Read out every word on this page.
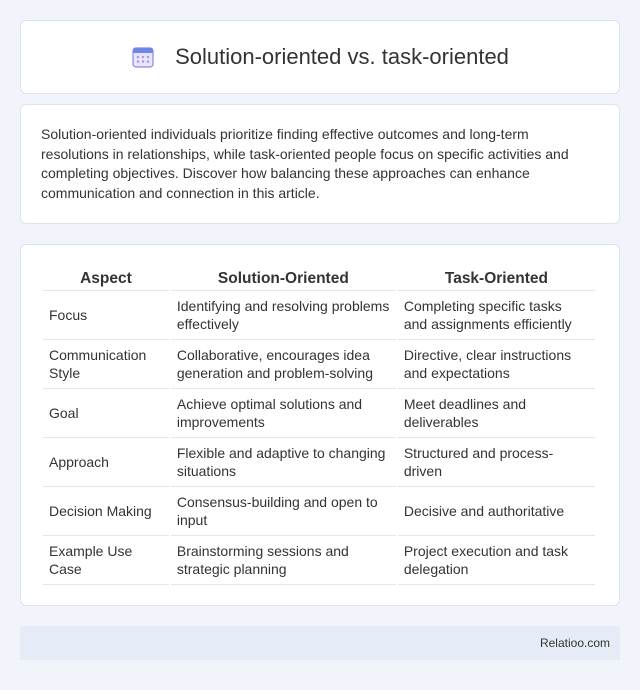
Solution-oriented vs. task-oriented

Solution-oriented individuals prioritize finding effective outcomes and long-term resolutions in relationships, while task-oriented people focus on specific activities and completing objectives. Discover how balancing these approaches can enhance communication and connection in this article.

Aspect	Solution-Oriented	Task-Oriented
Focus	Identifying and resolving problems effectively	Completing specific tasks and assignments efficiently
Communication Style	Collaborative, encourages idea generation and problem-solving	Directive, clear instructions and expectations
Goal	Achieve optimal solutions and improvements	Meet deadlines and deliverables
Approach	Flexible and adaptive to changing situations	Structured and process-driven
Decision Making	Consensus-building and open to input	Decisive and authoritative
Example Use Case	Brainstorming sessions and strategic planning	Project execution and task delegation
Relatioo.com
